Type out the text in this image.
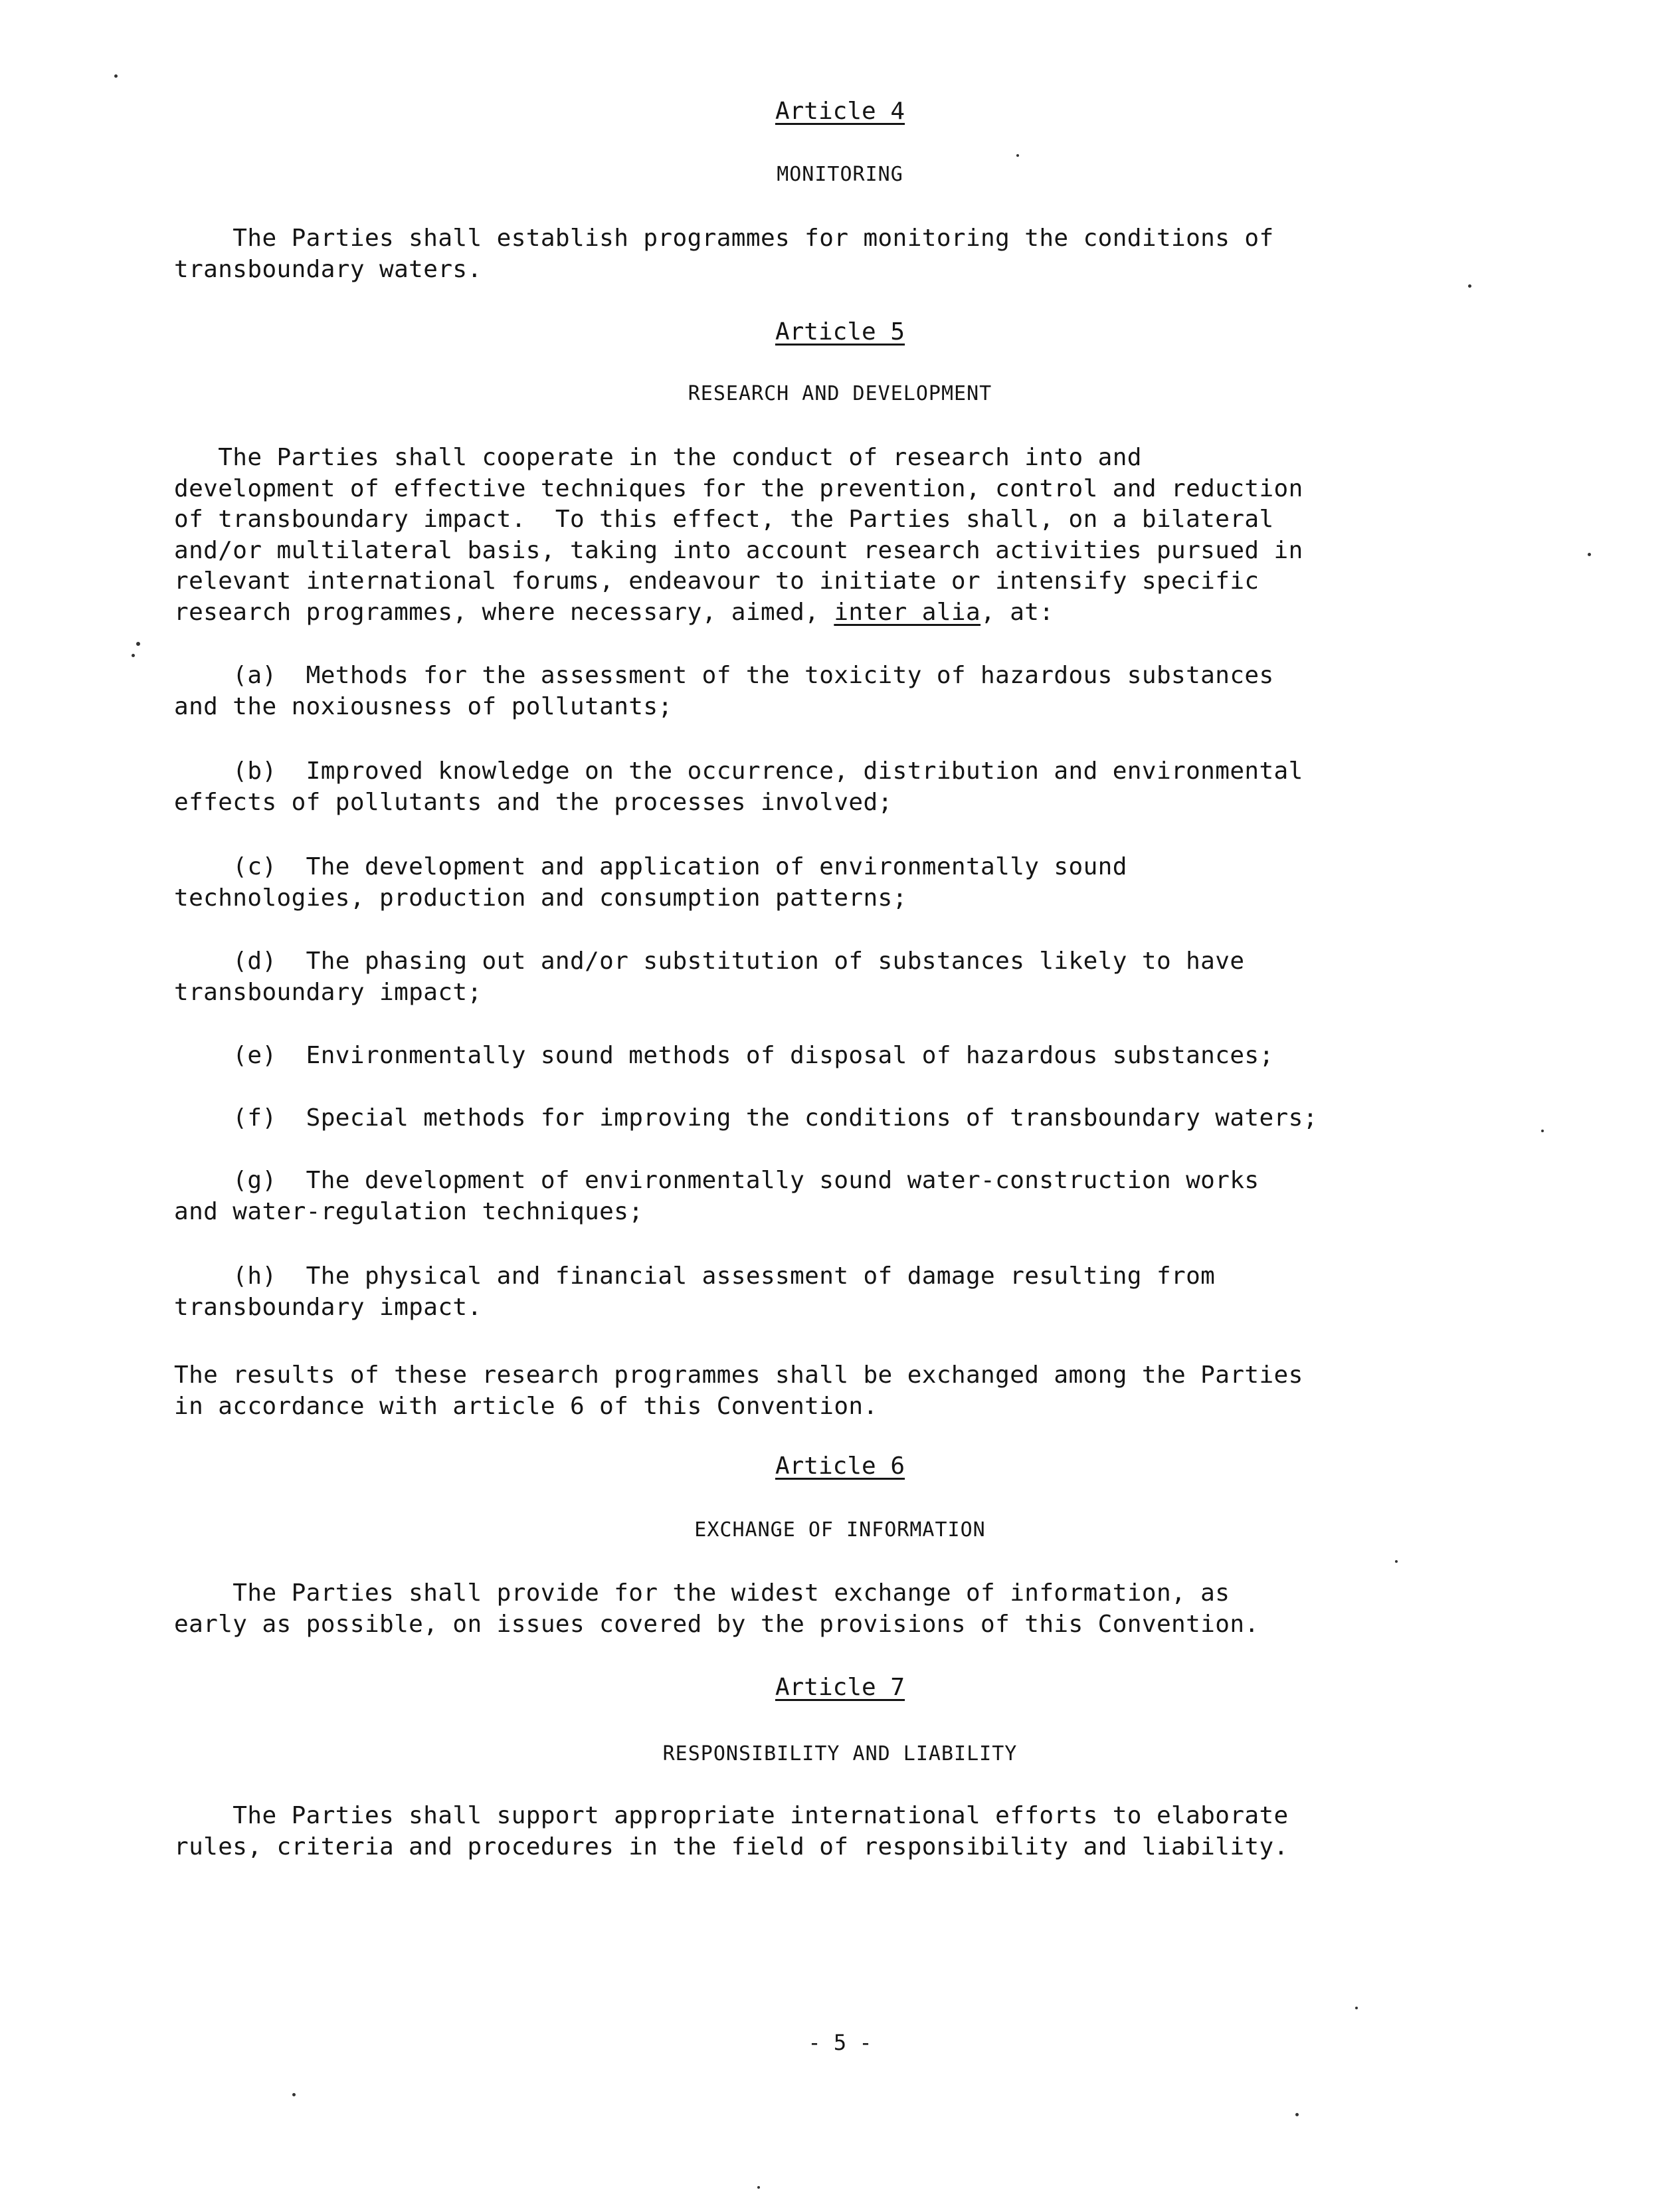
Article 4
MONITORING
The Parties shall establish programmes for monitoring the conditions of
transboundary waters.
Article 5
RESEARCH AND DEVELOPMENT
The Parties shall cooperate in the conduct of research into and
development of effective techniques for the prevention, control and reduction
of transboundary impact.  To this effect, the Parties shall, on a bilateral
and/or multilateral basis, taking into account research activities pursued in
relevant international forums, endeavour to initiate or intensify specific
research programmes, where necessary, aimed, inter alia, at:
(a)  Methods for the assessment of the toxicity of hazardous substances
and the noxiousness of pollutants;
(b)  Improved knowledge on the occurrence, distribution and environmental
effects of pollutants and the processes involved;
(c)  The development and application of environmentally sound
technologies, production and consumption patterns;
(d)  The phasing out and/or substitution of substances likely to have
transboundary impact;
(e)  Environmentally sound methods of disposal of hazardous substances;
(f)  Special methods for improving the conditions of transboundary waters;
(g)  The development of environmentally sound water-construction works
and water-regulation techniques;
(h)  The physical and financial assessment of damage resulting from
transboundary impact.
The results of these research programmes shall be exchanged among the Parties
in accordance with article 6 of this Convention.
Article 6
EXCHANGE OF INFORMATION
The Parties shall provide for the widest exchange of information, as
early as possible, on issues covered by the provisions of this Convention.
Article 7
RESPONSIBILITY AND LIABILITY
The Parties shall support appropriate international efforts to elaborate
rules, criteria and procedures in the field of responsibility and liability.
- 5 -
